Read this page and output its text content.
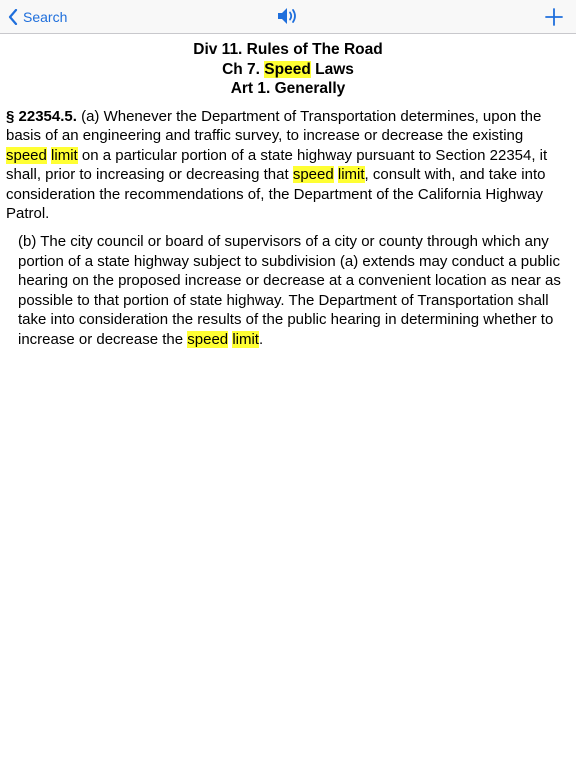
Search
Div 11. Rules of The Road
Ch 7. Speed Laws
Art 1. Generally
§ 22354.5. (a) Whenever the Department of Transportation determines, upon the basis of an engineering and traffic survey, to increase or decrease the existing speed limit on a particular portion of a state highway pursuant to Section 22354, it shall, prior to increasing or decreasing that speed limit, consult with, and take into consideration the recommendations of, the Department of the California Highway Patrol.
(b) The city council or board of supervisors of a city or county through which any portion of a state highway subject to subdivision (a) extends may conduct a public hearing on the proposed increase or decrease at a convenient location as near as possible to that portion of state highway. The Department of Transportation shall take into consideration the results of the public hearing in determining whether to increase or decrease the speed limit.
